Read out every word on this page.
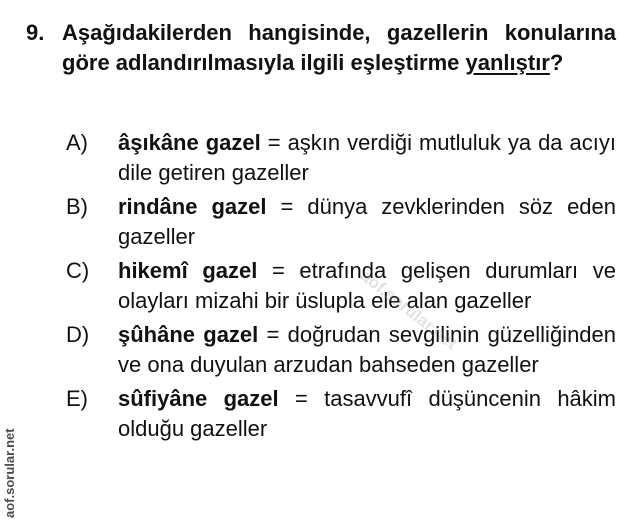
9. Aşağıdakilerden hangisinde, gazellerin konularına göre adlandırılmasıyla ilgili eşleştirme yanlıştır?
A) âşıkâne gazel = aşkın verdiği mutluluk ya da acıyı dile getiren gazeller
B) rindâne gazel = dünya zevklerinden söz eden gazeller
C) hikemî gazel = etrafında gelişen durumları ve olayları mizahi bir üslupla ele alan gazeller
D) şûhâne gazel = doğrudan sevgilinin güzelliğinden ve ona duyulan arzudan bahseden gazeller
E) sûfiyâne gazel = tasavvufî düşüncenin hâkim olduğu gazeller
aof.sorular.net
aof.sorular.net
